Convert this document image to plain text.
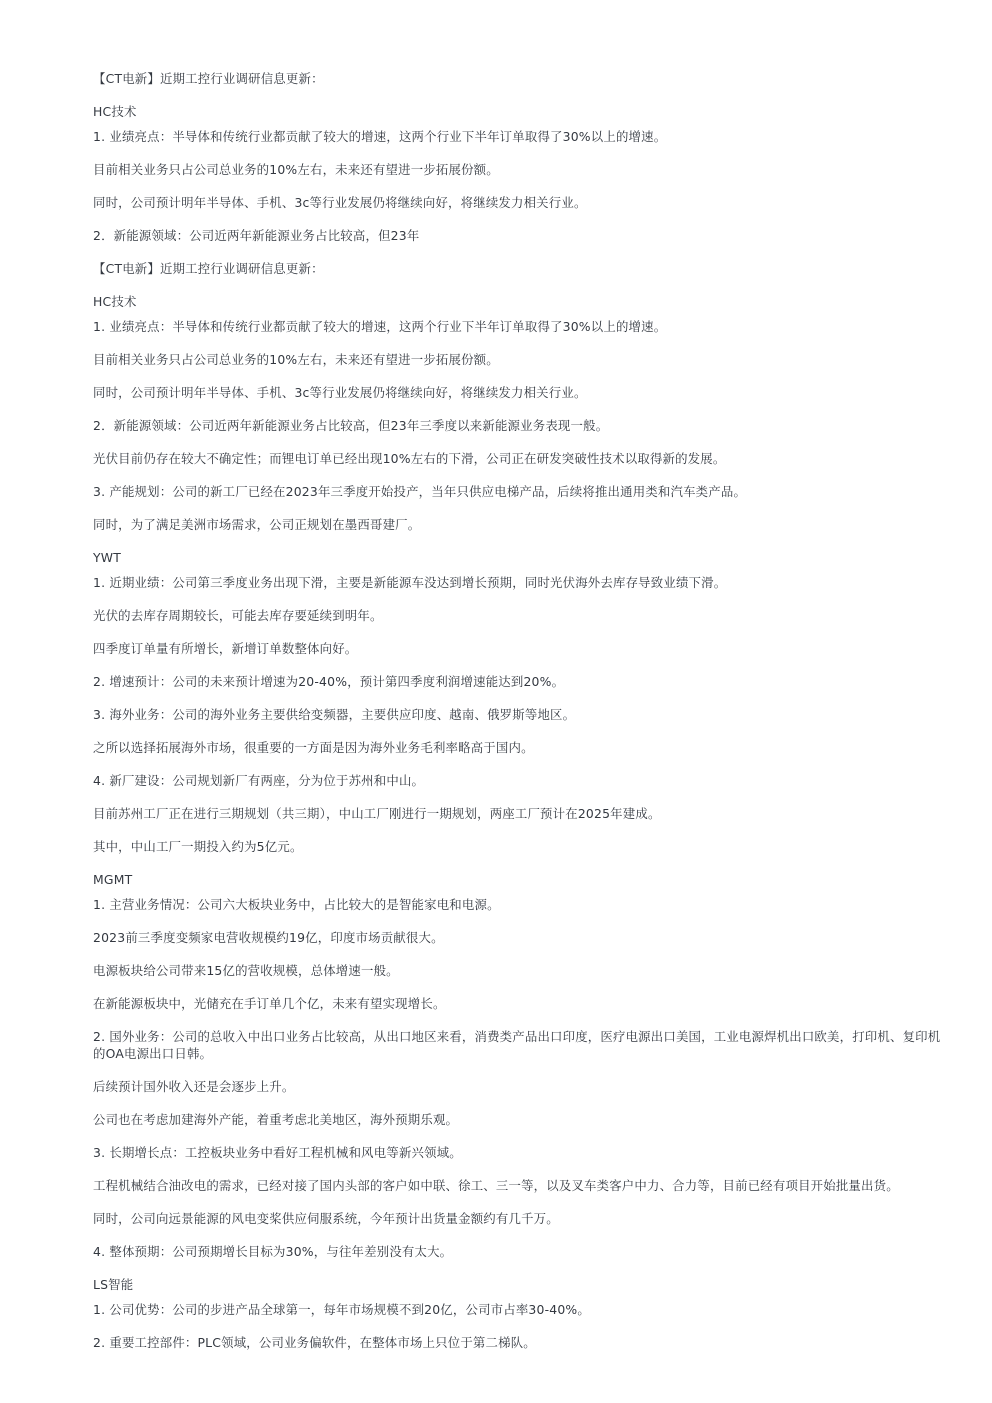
【CT电新】近期工控行业调研信息更新：
HC技术
1. 业绩亮点：半导体和传统行业都贡献了较大的增速，这两个行业下半年订单取得了30%以上的增速。
目前相关业务只占公司总业务的10%左右，未来还有望进一步拓展份额。
同时，公司预计明年半导体、手机、3c等行业发展仍将继续向好，将继续发力相关行业。
2．新能源领域：公司近两年新能源业务占比较高，但23年
【CT电新】近期工控行业调研信息更新：
HC技术
1. 业绩亮点：半导体和传统行业都贡献了较大的增速，这两个行业下半年订单取得了30%以上的增速。
目前相关业务只占公司总业务的10%左右，未来还有望进一步拓展份额。
同时，公司预计明年半导体、手机、3c等行业发展仍将继续向好，将继续发力相关行业。
2．新能源领域：公司近两年新能源业务占比较高，但23年三季度以来新能源业务表现一般。
光伏目前仍存在较大不确定性；而锂电订单已经出现10%左右的下滑，公司正在研发突破性技术以取得新的发展。
3. 产能规划：公司的新工厂已经在2023年三季度开始投产，当年只供应电梯产品，后续将推出通用类和汽车类产品。
同时，为了满足美洲市场需求，公司正规划在墨西哥建厂。
YWT
1. 近期业绩：公司第三季度业务出现下滑，主要是新能源车没达到增长预期，同时光伏海外去库存导致业绩下滑。
光伏的去库存周期较长，可能去库存要延续到明年。
四季度订单量有所增长，新增订单数整体向好。
2. 增速预计：公司的未来预计增速为20-40%，预计第四季度利润增速能达到20%。
3. 海外业务：公司的海外业务主要供给变频器，主要供应印度、越南、俄罗斯等地区。
之所以选择拓展海外市场，很重要的一方面是因为海外业务毛利率略高于国内。
4. 新厂建设：公司规划新厂有两座，分为位于苏州和中山。
目前苏州工厂正在进行三期规划（共三期），中山工厂刚进行一期规划，两座工厂预计在2025年建成。
其中，中山工厂一期投入约为5亿元。
MGMT
1. 主营业务情况：公司六大板块业务中，占比较大的是智能家电和电源。
2023前三季度变频家电营收规模约19亿，印度市场贡献很大。
电源板块给公司带来15亿的营收规模，总体增速一般。
在新能源板块中，光储充在手订单几个亿，未来有望实现增长。
2. 国外业务：公司的总收入中出口业务占比较高，从出口地区来看，消费类产品出口印度，医疗电源出口美国，工业电源焊机出口欧美，打印机、复印机的OA电源出口日韩。
后续预计国外收入还是会逐步上升。
公司也在考虑加建海外产能，着重考虑北美地区，海外预期乐观。
3. 长期增长点：工控板块业务中看好工程机械和风电等新兴领域。
工程机械结合油改电的需求，已经对接了国内头部的客户如中联、徐工、三一等，以及叉车类客户中力、合力等，目前已经有项目开始批量出货。
同时，公司向远景能源的风电变桨供应伺服系统，今年预计出货量金额约有几千万。
4. 整体预期：公司预期增长目标为30%，与往年差别没有太大。
LS智能
1. 公司优势：公司的步进产品全球第一，每年市场规模不到20亿，公司市占率30-40%。
2. 重要工控部件：PLC领域，公司业务偏软件，在整体市场上只位于第二梯队。
